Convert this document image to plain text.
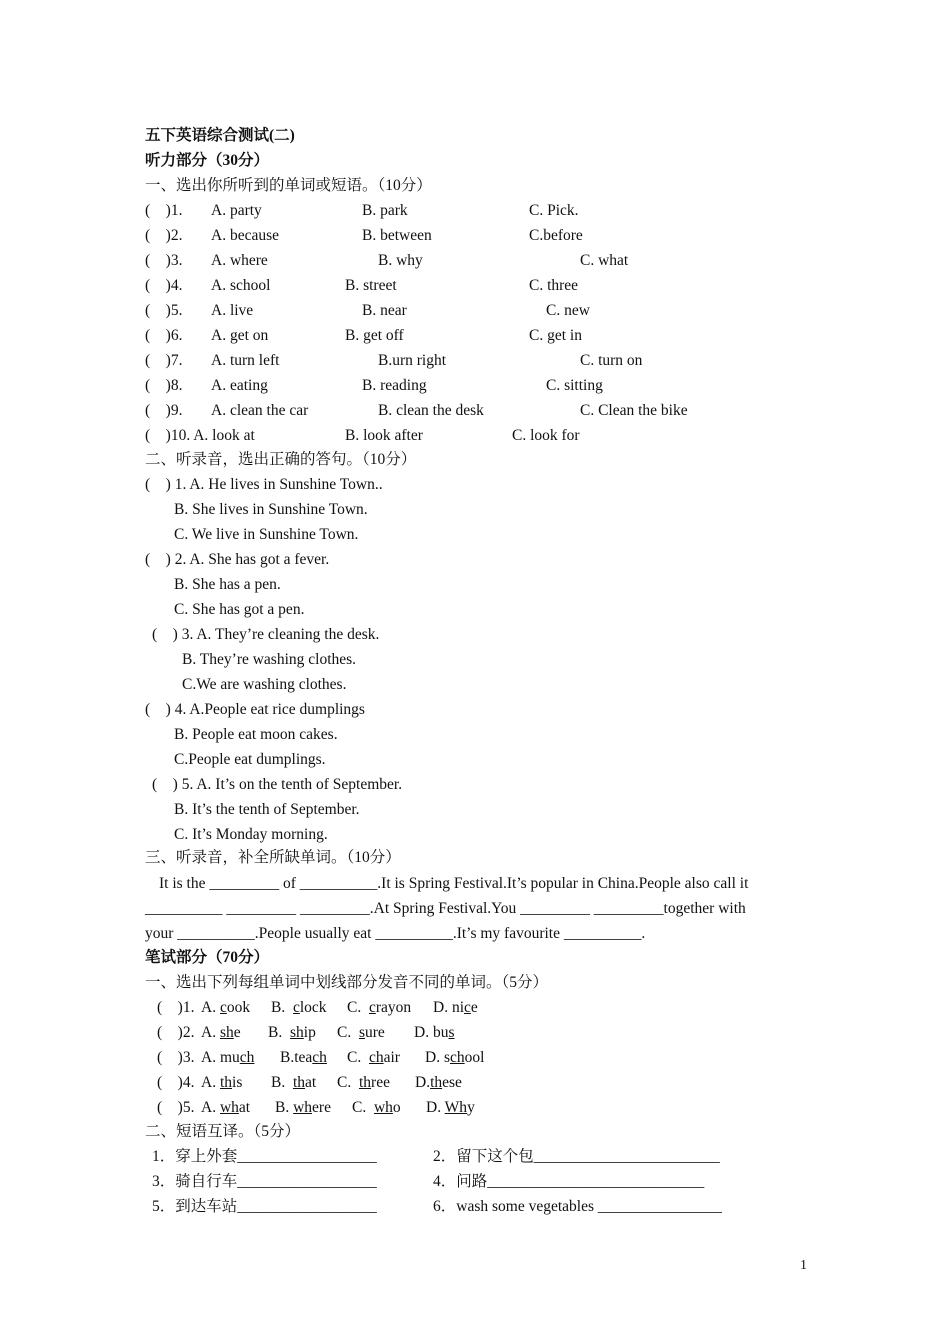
五下英语综合测试(二)
听力部分（30分）
一、选出你所听到的单词或短语。（10分）
(    )1. A. party	B. park	C. Pick.
(    )2. A. because	B. between	C.before
(    )3. A. where	B. why	C. what
(    )4. A. school	B. street	C. three
(    )5. A. live	B. near	C. new
(    )6. A. get on	B. get off	C. get in
(    )7. A. turn left	B.urn right	C. turn on
(    )8. A. eating	B. reading	C. sitting
(    )9. A. clean the car	B. clean the desk	C. Clean the bike
(    )10. A. look at	B. look after	C. look for
二、听录音，选出正确的答句。（10分）
(    ) 1. A. He lives in Sunshine Town..
B. She lives in Sunshine Town.
C. We live in Sunshine Town.
(    ) 2. A. She has got a fever.
B. She has a pen.
C. She has got a pen.
(    ) 3. A. They’re cleaning the desk.
B. They’re washing clothes.
C.We are washing clothes.
(    ) 4. A.People eat rice dumplings
B. People eat moon cakes.
C.People eat dumplings.
(    ) 5. A. It’s on the tenth of September.
B. It’s the tenth of September.
C. It’s Monday morning.
三、听录音，补全所缺单词。（10分）
It is the _________ of __________.It is Spring Festival.It’s popular in China.People also call it
__________ _________ _________.At Spring Festival.You _________ _________together with
your __________.People usually eat __________.It’s my favourite __________.
笔试部分（70分）
一、选出下列每组单词中划线部分发音不同的单词。（5分）
(    )1. A. cook B.  clock C.  crayon D. nice
(    )2. A. she B.  ship C.  sure D. bus
(    )3. A. much B.teach C.  chair D. school
(    )4. A. this B.  that C.  three D.these
(    )5. A. what B. where C.  who D. Why
二、短语互译。（5分）
1．穿上外套__________________	2．留下这个包________________________
3．骑自行车__________________	4．问路____________________________
5．到达车站__________________	6．wash some vegetables ________________
1
